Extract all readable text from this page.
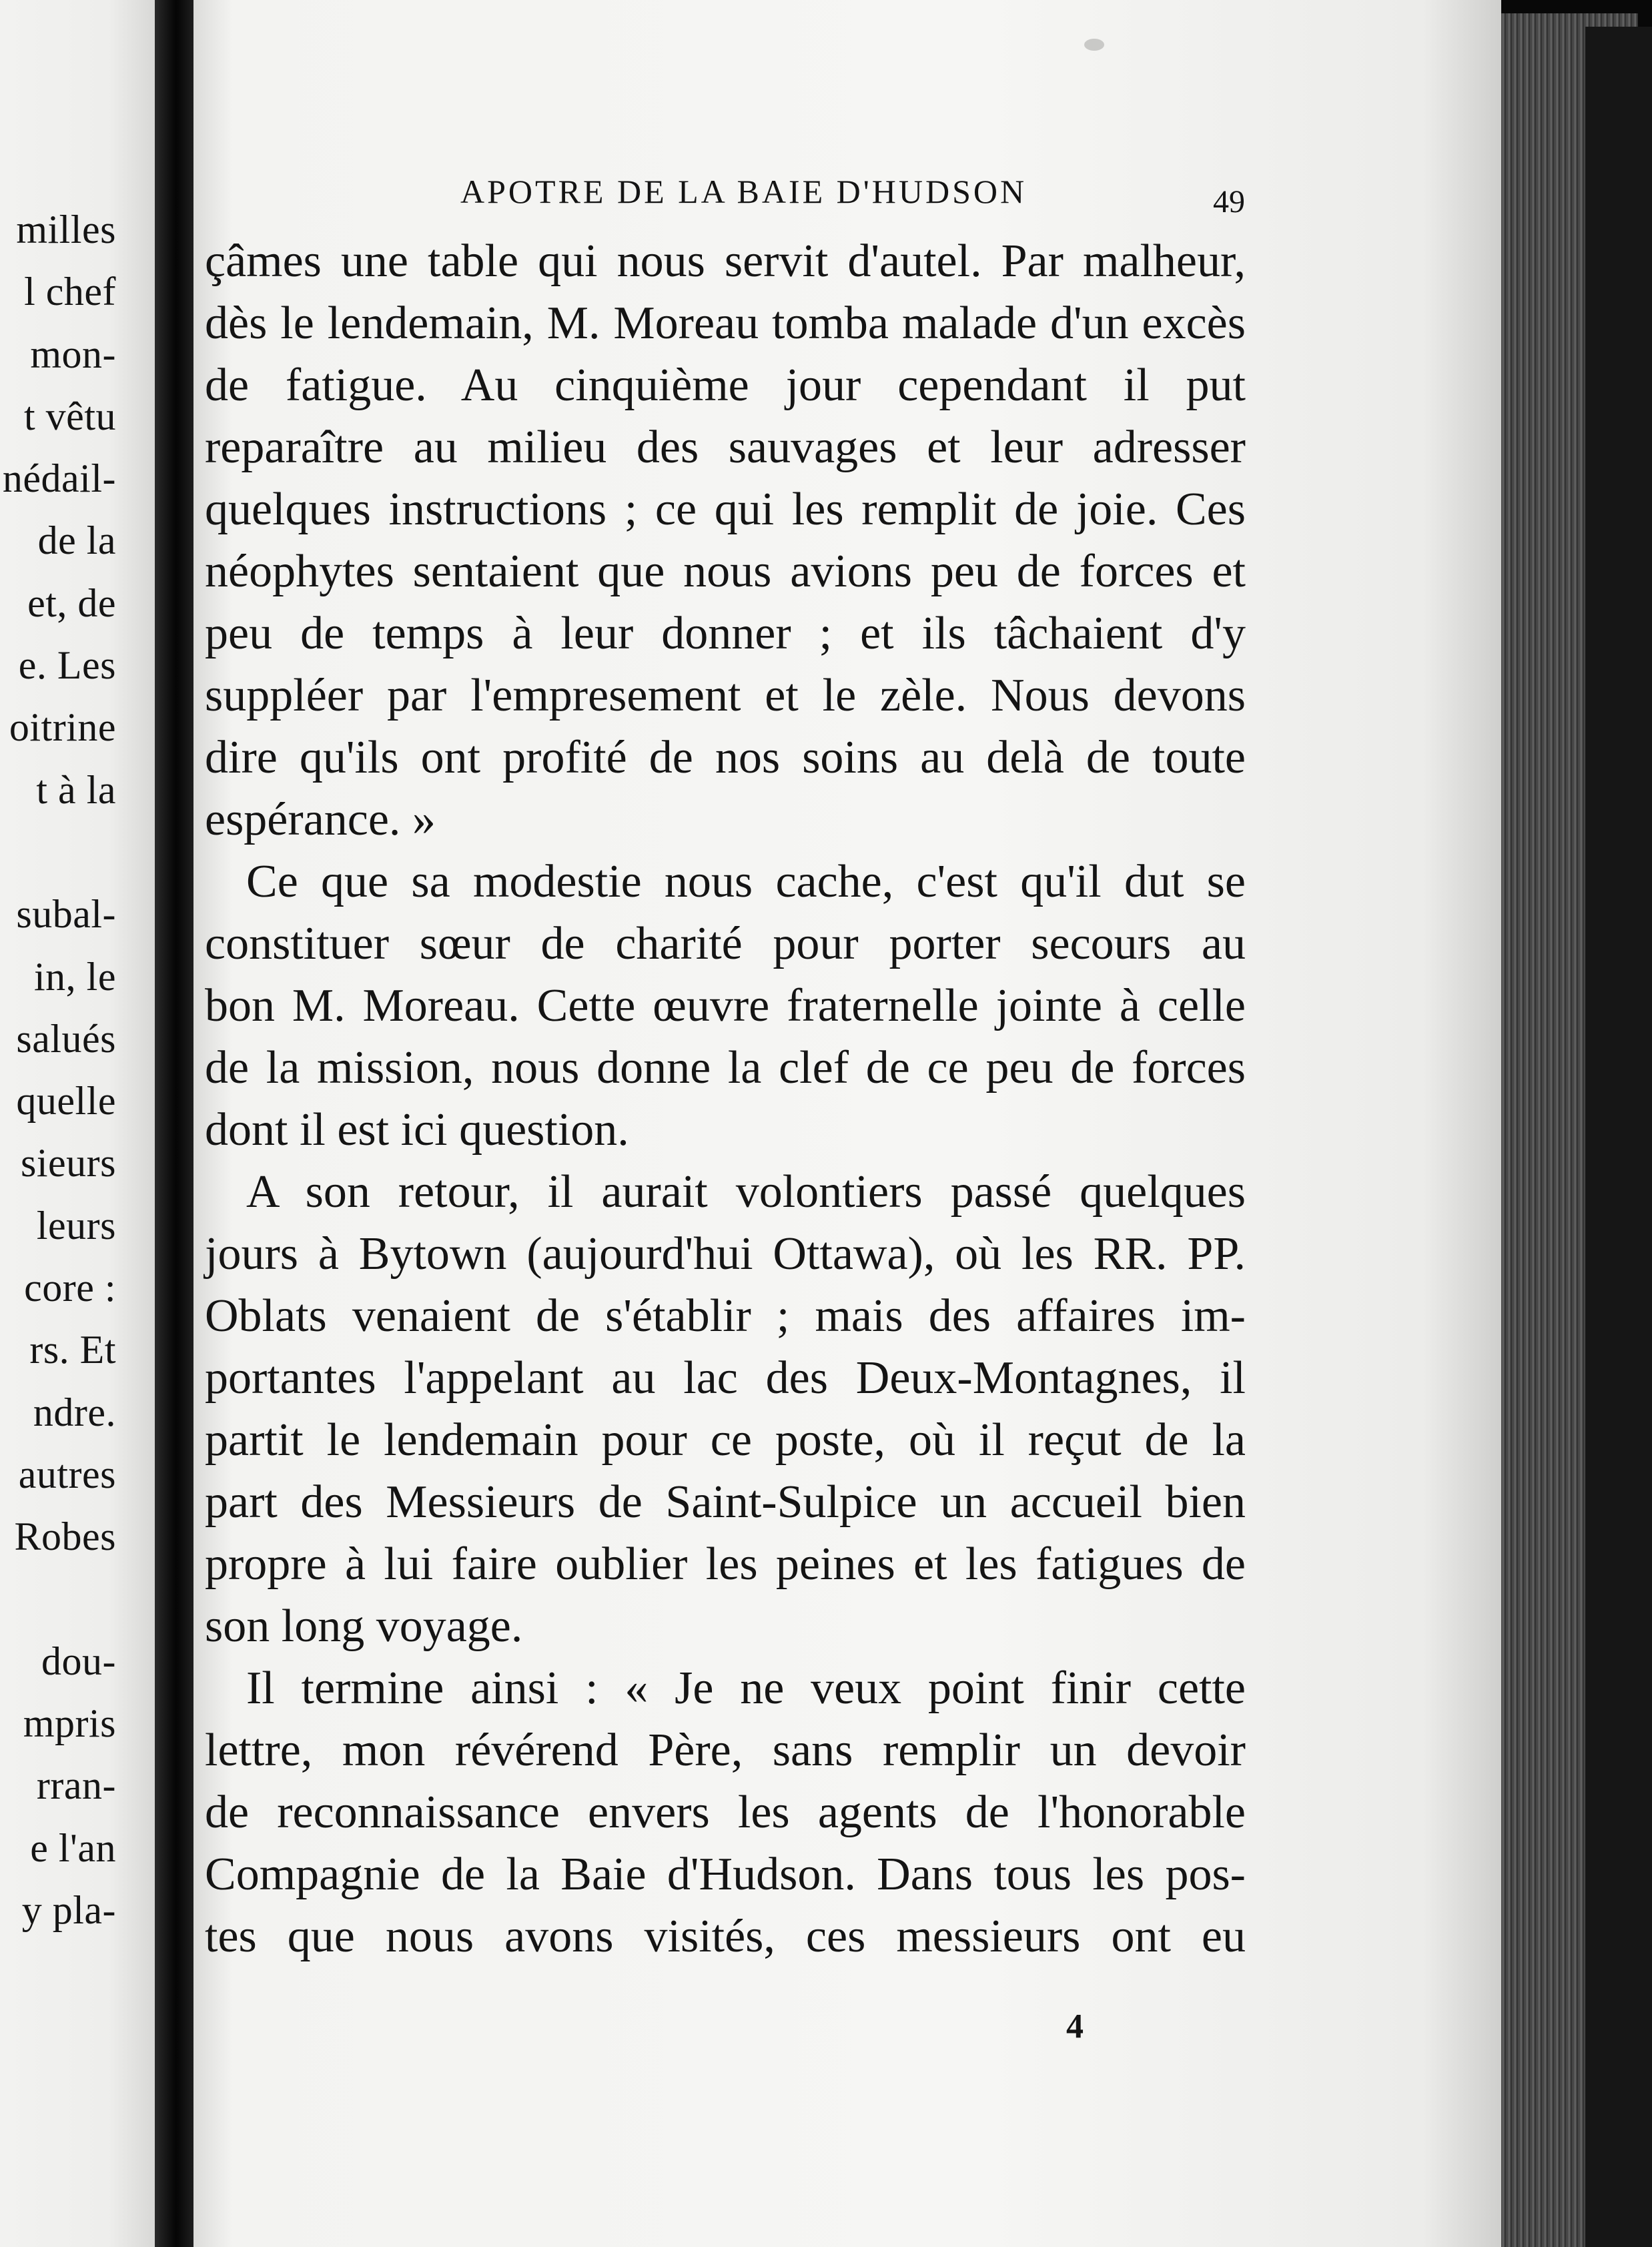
milles
l chef
mon-
t vêtu
nédail-
de la
et, de
e. Les
oitrine
t à la
subal-
in, le
salués
quelle
sieurs
leurs
core :
rs. Et
ndre.
autres
Robes
dou-
mpris
rran-
e l'an
y pla-
APOTRE DE LA BAIE D'HUDSON	49
çâmes une table qui nous servit d'autel. Par malheur,
dès le lendemain, M. Moreau tomba malade d'un excès
de fatigue. Au cinquième jour cependant il put
reparaître au milieu des sauvages et leur adresser
quelques instructions ; ce qui les remplit de joie. Ces
néophytes sentaient que nous avions peu de forces et
peu de temps à leur donner ; et ils tâchaient d'y
suppléer par l'empresement et le zèle. Nous devons
dire qu'ils ont profité de nos soins au delà de toute
espérance. »
Ce que sa modestie nous cache, c'est qu'il dut se
constituer sœur de charité pour porter secours au
bon M. Moreau. Cette œuvre fraternelle jointe à celle
de la mission, nous donne la clef de ce peu de forces
dont il est ici question.
A son retour, il aurait volontiers passé quelques
jours à Bytown (aujourd'hui Ottawa), où les RR. PP.
Oblats venaient de s'établir ; mais des affaires im-
portantes l'appelant au lac des Deux-Montagnes, il
partit le lendemain pour ce poste, où il reçut de la
part des Messieurs de Saint-Sulpice un accueil bien
propre à lui faire oublier les peines et les fatigues de
son long voyage.
Il termine ainsi : « Je ne veux point finir cette
lettre, mon révérend Père, sans remplir un devoir
de reconnaissance envers les agents de l'honorable
Compagnie de la Baie d'Hudson. Dans tous les pos-
tes que nous avons visités, ces messieurs ont eu
4
